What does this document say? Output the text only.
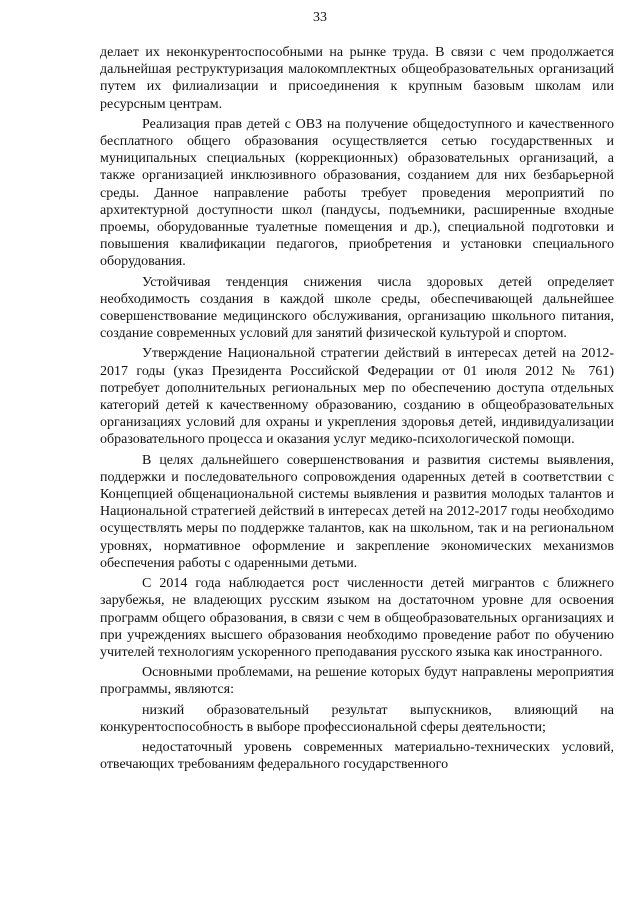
33

делает их неконкурентоспособными на рынке труда. В связи с чем продолжается дальнейшая реструктуризация малокомплектных общеобразовательных организаций путем их филиализации и присоединения к крупным базовым школам или ресурсным центрам.

Реализация прав детей с ОВЗ на получение общедоступного и качественного бесплатного общего образования осуществляется сетью государственных и муниципальных специальных (коррекционных) образовательных организаций, а также организацией инклюзивного образования, созданием для них безбарьерной среды. Данное направление работы требует проведения мероприятий по архитектурной доступности школ (пандусы, подъемники, расширенные входные проемы, оборудованные туалетные помещения и др.), специальной подготовки и повышения квалификации педагогов, приобретения и установки специального оборудования.

Устойчивая тенденция снижения числа здоровых детей определяет необходимость создания в каждой школе среды, обеспечивающей дальнейшее совершенствование медицинского обслуживания, организацию школьного питания, создание современных условий для занятий физической культурой и спортом.

Утверждение Национальной стратегии действий в интересах детей на 2012-2017 годы (указ Президента Российской Федерации от 01 июля 2012 № 761) потребует дополнительных региональных мер по обеспечению доступа отдельных категорий детей к качественному образованию, созданию в общеобразовательных организациях условий для охраны и укрепления здоровья детей, индивидуализации образовательного процесса и оказания услуг медико-психологической помощи.

В целях дальнейшего совершенствования и развития системы выявления, поддержки и последовательного сопровождения одаренных детей в соответствии с Концепцией общенациональной системы выявления и развития молодых талантов и Национальной стратегией действий в интересах детей на 2012-2017 годы необходимо осуществлять меры по поддержке талантов, как на школьном, так и на региональном уровнях, нормативное оформление и закрепление экономических механизмов обеспечения работы с одаренными детьми.

С 2014 года наблюдается рост численности детей мигрантов с ближнего зарубежья, не владеющих русским языком на достаточном уровне для освоения программ общего образования, в связи с чем в общеобразовательных организациях и при учреждениях высшего образования необходимо проведение работ по обучению учителей технологиям ускоренного преподавания русского языка как иностранного.

Основными проблемами, на решение которых будут направлены мероприятия программы, являются:

низкий образовательный результат выпускников, влияющий на конкурентоспособность в выборе профессиональной сферы деятельности;

недостаточный уровень современных материально-технических условий, отвечающих требованиям федерального государственного
